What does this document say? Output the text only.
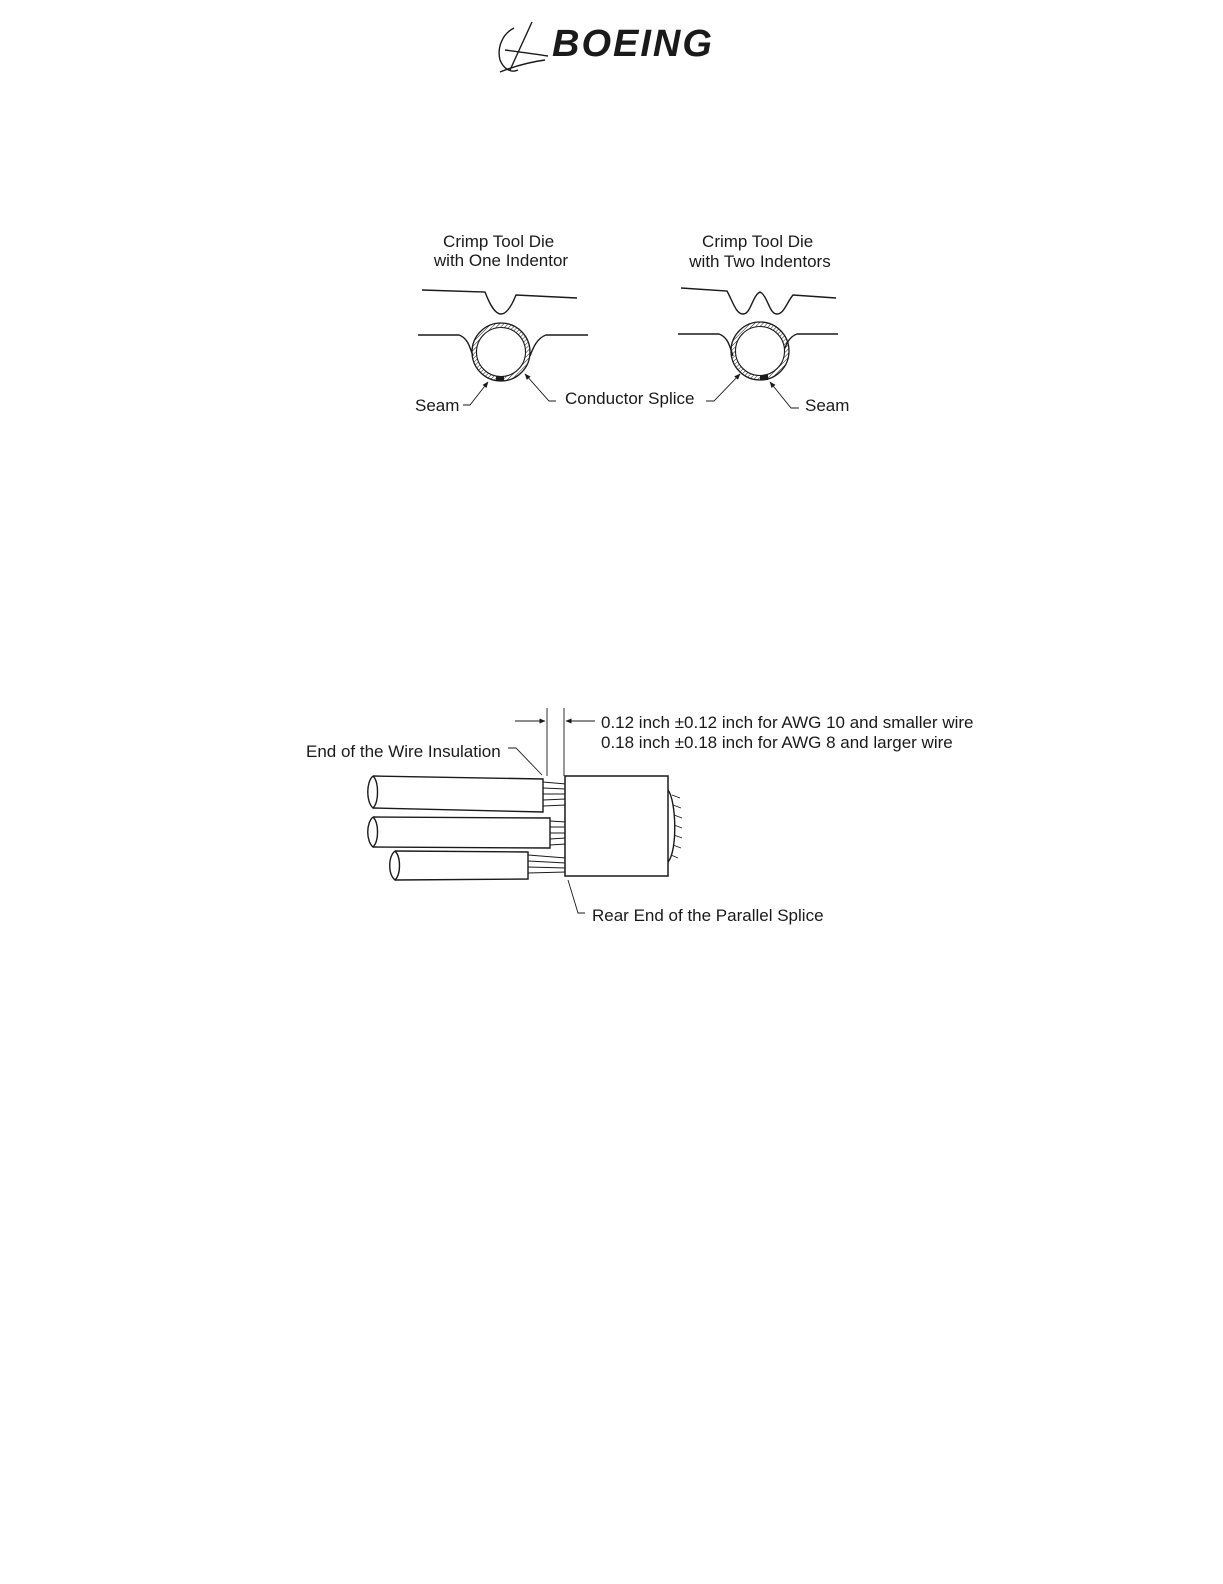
BOEING
Crimp Tool Die with One Indentor
Crimp Tool Die with Two Indentors
Seam	Conductor Splice	Seam
0.12 inch ±0.12 inch for AWG 10 and smaller wire
0.18 inch ±0.18 inch for AWG 8 and larger wire
End of the Wire Insulation
Rear End of the Parallel Splice
